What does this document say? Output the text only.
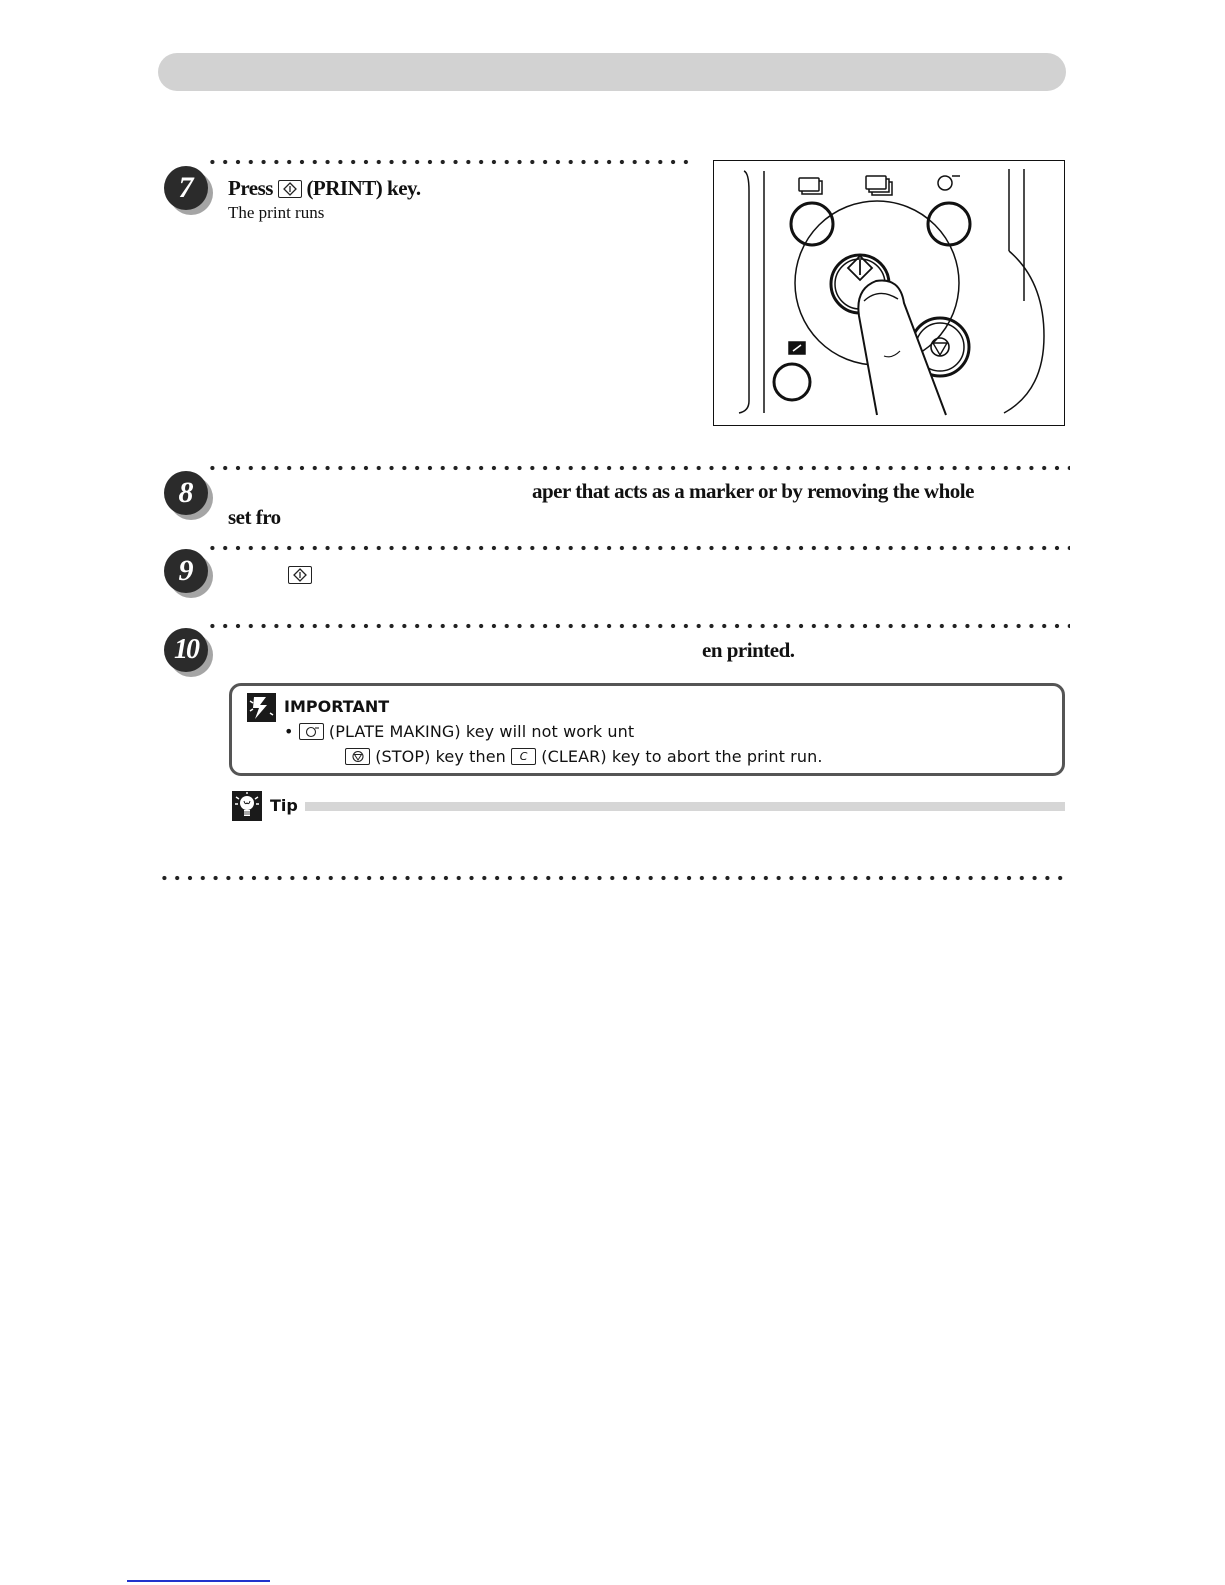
7	Press (PRINT) key.
The print runs
8	aper that acts as a marker or by removing the whole
set fro
9
10	en printed.
IMPORTANT
• (PLATE MAKING) key will not work unt
(STOP) key then	C (CLEAR) key to abort the print run.
Tip
